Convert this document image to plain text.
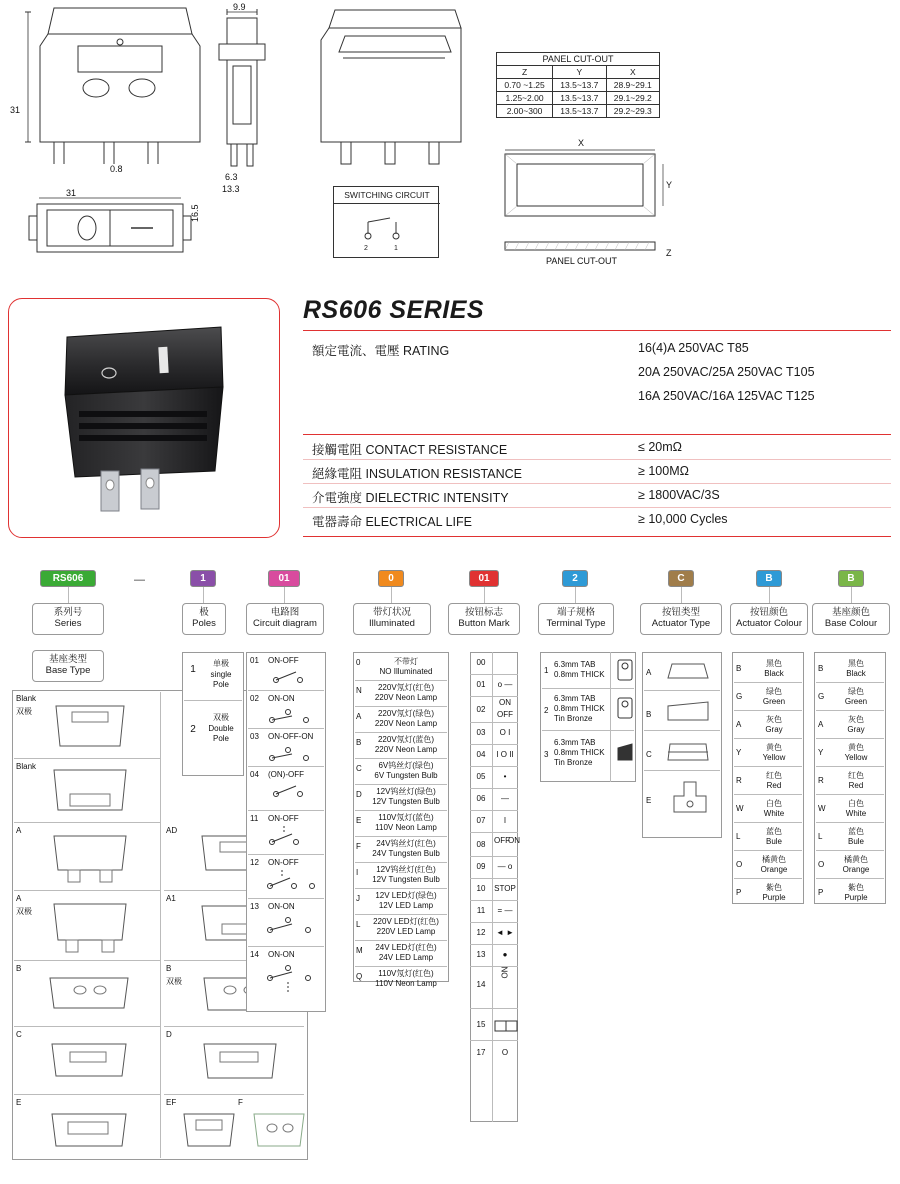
31
0.8
31
16.5
9.9
6.3
13.3
SWITCHING CIRCUIT
2	1
PANEL CUT-OUT		
Z	Y	X
0.70 ~1.25	13.5~13.7	28.9~29.1
1.25~2.00	13.5~13.7	29.1~29.2
2.00~300	13.5~13.7	29.2~29.3
X
Y
Z
PANEL CUT-OUT
RS606 SERIES
額定電流、電壓 RATING	16(4)A 250VAC T85
20A 250VAC/25A 250VAC T105
16A 250VAC/16A 125VAC T125
接觸電阻 CONTACT RESISTANCE	≤ 20mΩ
絕緣電阻 INSULATION RESISTANCE	≥ 100MΩ
介電強度 DIELECTRIC INTENSITY	≥ 1800VAC/3S
電器壽命 ELECTRICAL LIFE	≥ 10,000 Cycles
RS606	—	1	01	0	01	2	C	B	B
系列号
Series
极
Poles
电路图
Circuit diagram
带灯状况
Illuminated
按钮标志
Button Mark
端子规格
Terminal Type
按钮类型
Actuator Type
按钮颜色
Actuator Colour
基座颜色
Base Colour
基座类型
Base Type
Blank
双极
Blank
A
A
双极
B
C
E
AD
A1
B
双极
D
EF	F
1
单极
single
Pole
2
双极
Double
Pole
01 ON-OFF
02 ON-ON
03 ON-OFF-ON
04 (ON)-OFF
11 ON-OFF
12 ON-OFF
13 ON-ON
14 ON-ON
0	不带灯
NO Illuminated
N	220V氖灯(红色)
220V Neon Lamp
A	220V氖灯(绿色)
220V Neon Lamp
B	220V氖灯(蓝色)
220V Neon Lamp
C	6V钨丝灯(绿色)
6V Tungsten Bulb
D	12V钨丝灯(绿色)
12V Tungsten Bulb
E	110V氖灯(蓝色)
110V Neon Lamp
F	24V钨丝灯(红色)
24V Tungsten Bulb
I	12V钨丝灯(红色)
12V Tungsten Bulb
J	12V LED灯(绿色)
12V LED Lamp
L	220V LED灯(红色)
220V LED Lamp
M	24V LED灯(红色)
24V LED Lamp
Q	110V氖灯(红色)
110V Neon Lamp
00
01	o —
02
ON
OFF
03	O I
04	I O II
05	•
06	—
07	I
08	OFF
ON
09	— o
10	STOP
11	= —
12	◄ ►
13	●
14
ON
15
17	O
1
6.3mm TAB
0.8mm THICK
2
6.3mm TAB
0.8mm THICK
Tin Bronze
3
6.3mm TAB
0.8mm THICK
Tin Bronze
A
B
C
E
B
黑色
Black
G
绿色
Green
A
灰色
Gray
Y
黄色
Yellow
R
红色
Red
W
白色
White
L
蓝色
Bule
O
橘黄色
Orange
P
紫色
Purple
B
黑色
Black
G
绿色
Green
A
灰色
Gray
Y
黄色
Yellow
R
红色
Red
W
白色
White
L
蓝色
Bule
O
橘黄色
Orange
P
紫色
Purple
